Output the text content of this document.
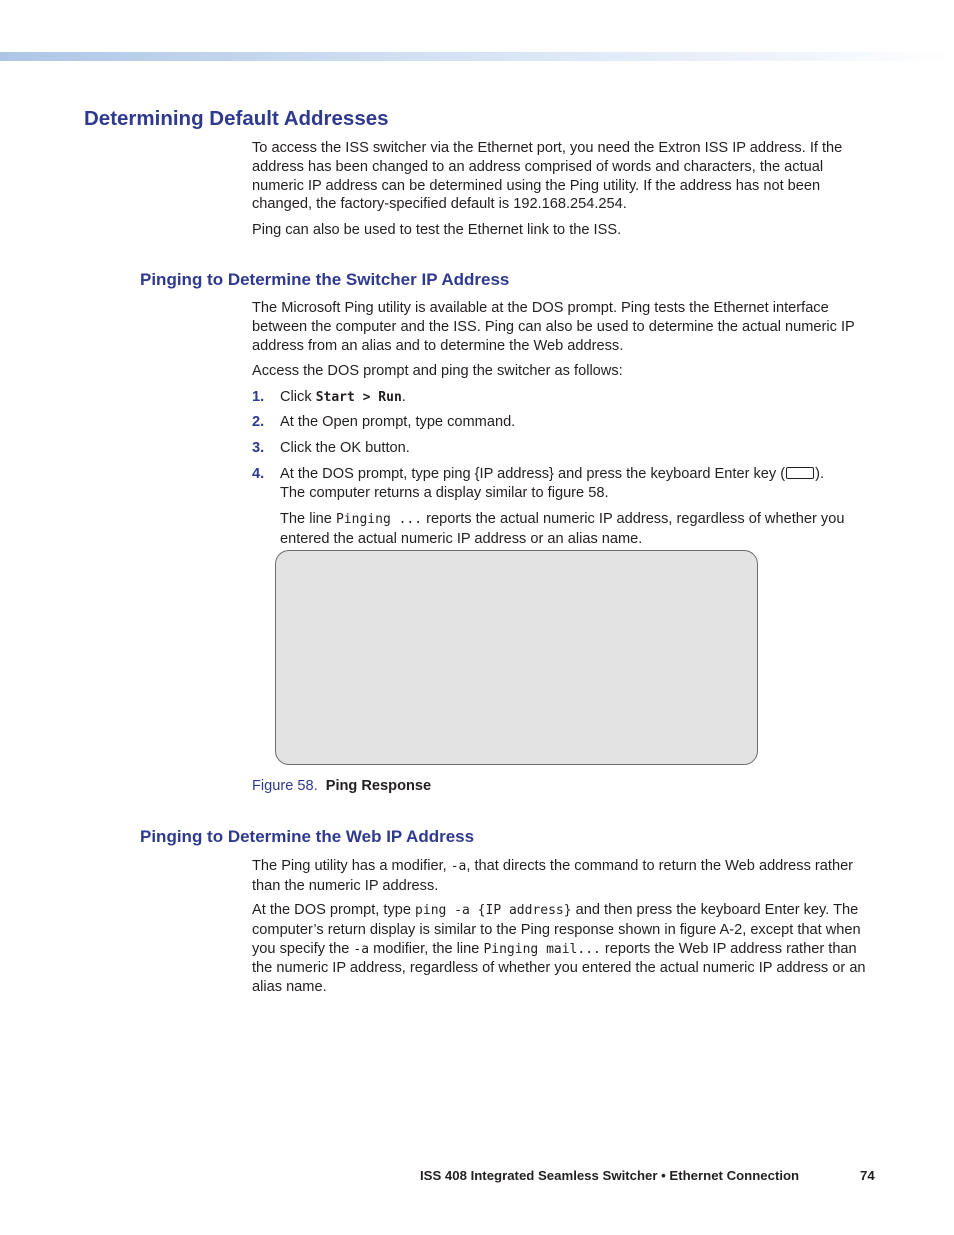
Determining Default Addresses

To access the ISS switcher via the Ethernet port, you need the Extron ISS IP address. If the address has been changed to an address comprised of words and characters, the actual numeric IP address can be determined using the Ping utility. If the address has not been changed, the factory-specified default is 192.168.254.254.

Ping can also be used to test the Ethernet link to the ISS.

Pinging to Determine the Switcher IP Address

The Microsoft Ping utility is available at the DOS prompt. Ping tests the Ethernet interface between the computer and the ISS. Ping can also be used to determine the actual numeric IP address from an alias and to determine the Web address.

Access the DOS prompt and ping the switcher as follows:

1. Click Start > Run.
2. At the Open prompt, type command.
3. Click the OK button.
4. At the DOS prompt, type ping {IP address} and press the keyboard Enter key ( ).
The computer returns a display similar to figure 58.

The line Pinging ... reports the actual numeric IP address, regardless of whether you entered the actual numeric IP address or an alias name.

Figure 58. Ping Response
Pinging to Determine the Web IP Address

The Ping utility has a modifier, -a, that directs the command to return the Web address rather than the numeric IP address.

At the DOS prompt, type ping -a {IP address} and then press the keyboard Enter key. The computer’s return display is similar to the Ping response shown in figure A-2, except that when you specify the -a modifier, the line Pinging mail... reports the Web IP address rather than the numeric IP address, regardless of whether you entered the actual numeric IP address or an alias name.

ISS 408 Integrated Seamless Switcher • Ethernet Connection	74
